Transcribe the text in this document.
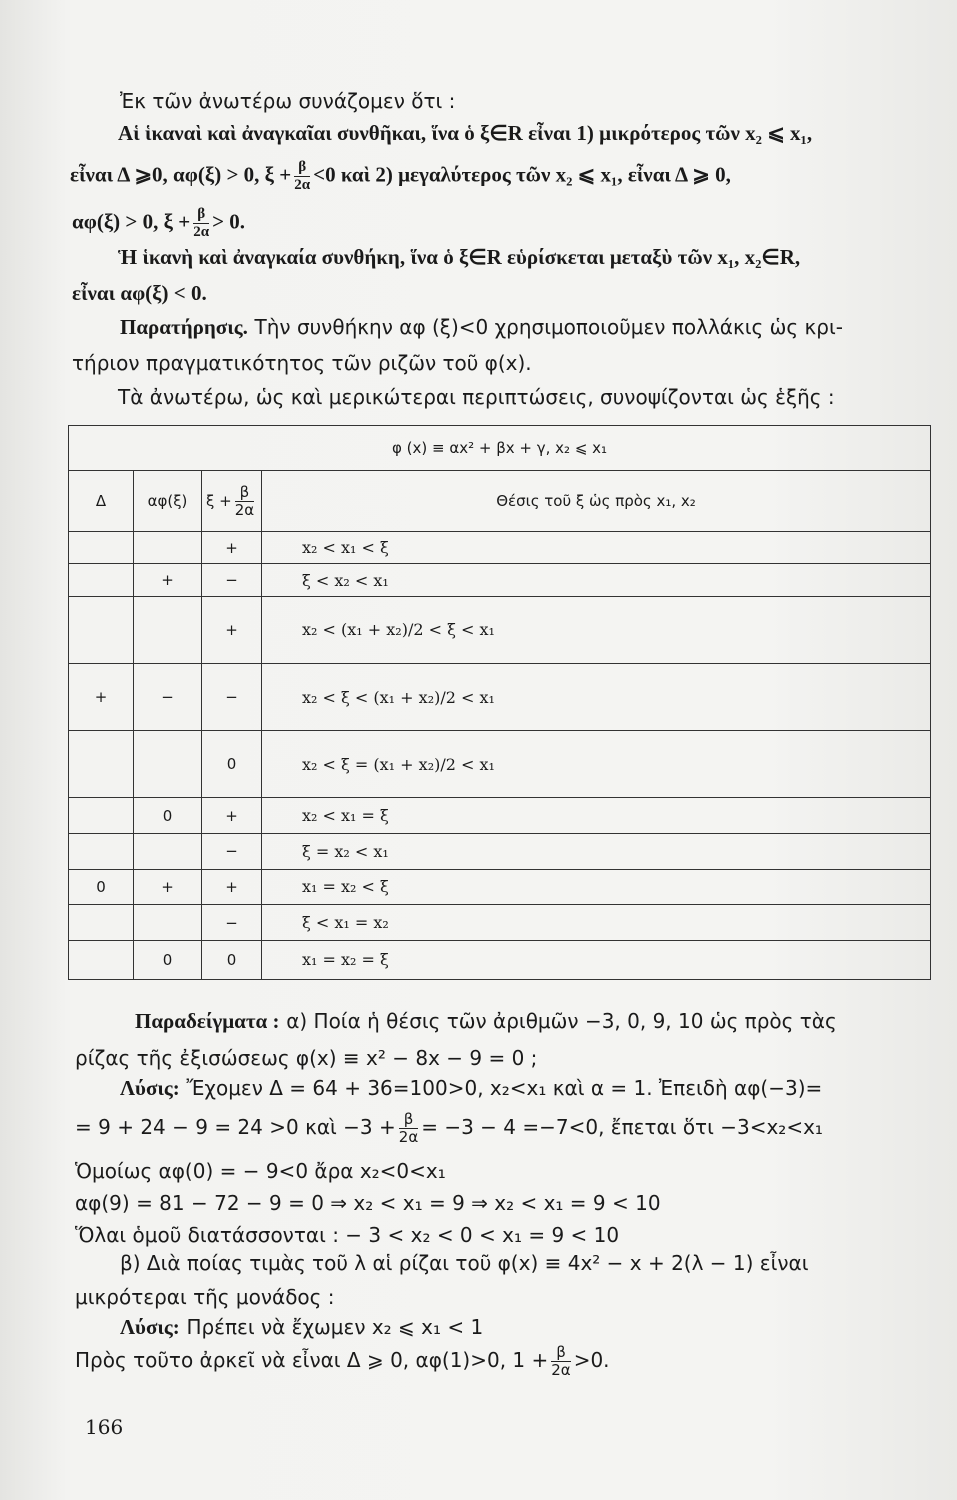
Ἐκ τῶν ἀνωτέρω συνάζομεν ὅτι :
Αἱ ἱκαναὶ καὶ ἀναγκαῖαι συνθῆκαι, ἵνα ὁ ξ∈R εἶναι 1) μικρότερος τῶν x₂ ⩽ x₁,
εἶναι Δ ⩾0, αφ(ξ) > 0, $\xi + \frac{\beta}{2\alpha} <0$ καὶ 2) μεγαλύτερος τῶν x₂ ⩽ x₁, εἶναι Δ ⩾ 0,
αφ(ξ) > 0, $\xi + \frac{\beta}{2\alpha} > 0$.
Ἡ ἱκανὴ καὶ ἀναγκαία συνθήκη, ἵνα ὁ ξ∈R εὑρίσκεται μεταξὺ τῶν x₁, x₂∈R,
εἶναι αφ(ξ) < 0.
Παρατήρησις. Τὴν συνθήκην αφ (ξ)<0 χρησιμοποιοῦμεν πολλάκις ὡς κρι-
τήριον πραγματικότητος τῶν ριζῶν τοῦ φ(x).
Τὰ ἀνωτέρω, ὡς καὶ μερικώτεραι περιπτώσεις, συνοψίζονται ὡς ἑξῆς :
φ (x) ≡ αx² + βx + γ, x₂ ⩽ x₁			
Δ	αφ(ξ)	$\xi + \frac{\beta}{2\alpha}$	Θέσις τοῦ ξ ὡς πρὸς x₁, x₂
		+	x₂ < x₁ < ξ
	+	−	ξ < x₂ < x₁
		+	x₂ < (x₁ + x₂)/2 < ξ < x₁
+	−	−	x₂ < ξ < (x₁ + x₂)/2 < x₁
		0	x₂ < ξ = (x₁ + x₂)/2 < x₁
	0	+	x₂ < x₁ = ξ
		−	ξ = x₂ < x₁
0	+	+	x₁ = x₂ < ξ
		−	ξ < x₁ = x₂
	0	0	x₁ = x₂ = ξ
Παραδείγματα : α) Ποία ἡ θέσις τῶν ἀριθμῶν −3, 0, 9, 10 ὡς πρὸς τὰς
ρίζας τῆς ἐξισώσεως φ(x) ≡ x² − 8x − 9 = 0 ;
Λύσις: Ἔχομεν Δ = 64 + 36=100>0, x₂<x₁ καὶ α = 1. Ἐπειδὴ αφ(−3)=
= 9 + 24 − 9 = 24 >0 καὶ $-3 + \frac{\beta}{2\alpha} = -3 - 4 =-7<0$, ἔπεται ὅτι −3<x₂<x₁
Ὁμοίως αφ(0) = − 9<0 ἄρα x₂<0<x₁
αφ(9) = 81 − 72 − 9 = 0 ⇒ x₂ < x₁ = 9 ⇒ x₂ < x₁ = 9 < 10
Ὅλαι ὁμοῦ διατάσσονται : − 3 < x₂ < 0 < x₁ = 9 < 10
β) Διὰ ποίας τιμὰς τοῦ λ αἱ ρίζαι τοῦ φ(x) ≡ 4x² − x + 2(λ − 1) εἶναι
μικρότεραι τῆς μονάδος :
Λύσις: Πρέπει νὰ ἔχωμεν x₂ ⩽ x₁ < 1
Πρὸς τοῦτο ἀρκεῖ νὰ εἶναι Δ ⩾ 0, αφ(1)>0, $1 + \frac{\beta}{2\alpha} >0$.
166
